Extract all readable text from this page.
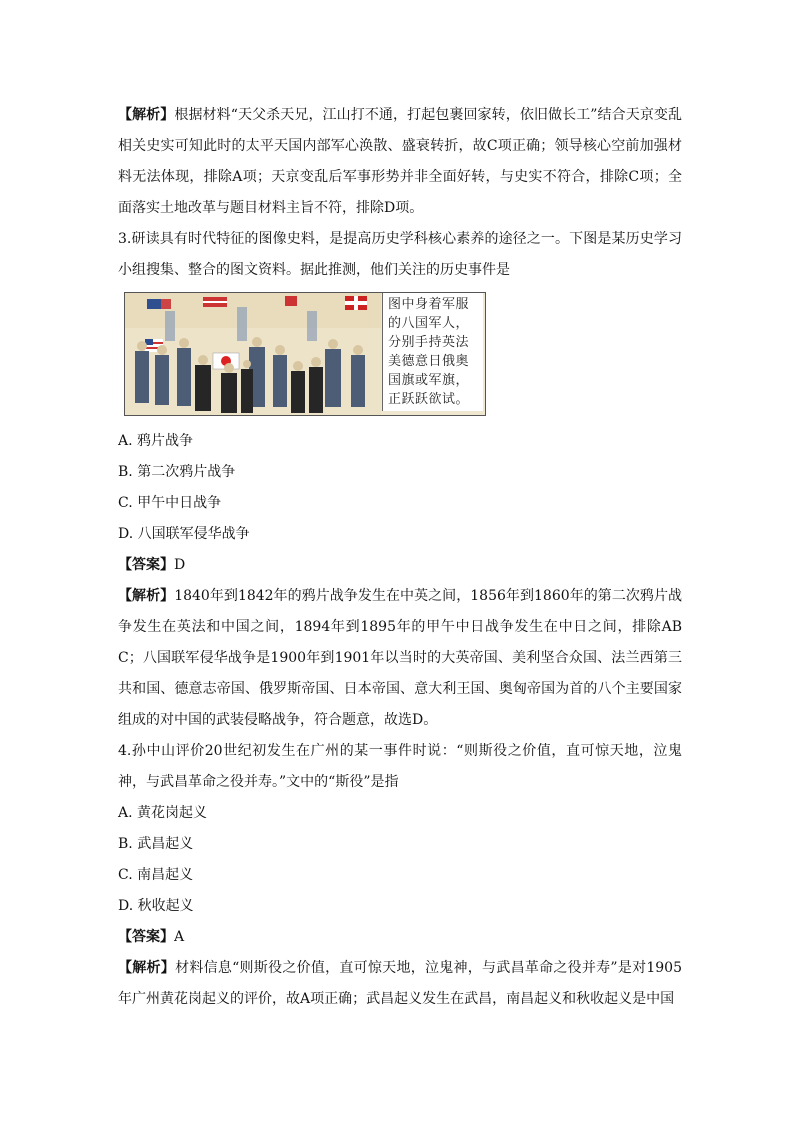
【解析】根据材料“天父杀天兄，江山打不通，打起包裹回家转，依旧做长工”结合天京变乱相关史实可知此时的太平天国内部军心涣散、盛衰转折，故C项正确；领导核心空前加强材料无法体现，排除A项；天京变乱后军事形势并非全面好转，与史实不符合，排除C项；全面落实土地改革与题目材料主旨不符，排除D项。

3.研读具有时代特征的图像史料，是提高历史学科核心素养的途径之一。下图是某历史学习小组搜集、整合的图文资料。据此推测，他们关注的历史事件是

图中身着军服的八国军人，分别手持英法美德意日俄奥国旗或军旗，正跃跃欲试。

A. 鸦片战争

B. 第二次鸦片战争

C. 甲午中日战争

D. 八国联军侵华战争

【答案】D

【解析】1840年到1842年的鸦片战争发生在中英之间，1856年到1860年的第二次鸦片战争发生在英法和中国之间，1894年到1895年的甲午中日战争发生在中日之间，排除ABC；八国联军侵华战争是1900年到1901年以当时的大英帝国、美利坚合众国、法兰西第三共和国、德意志帝国、俄罗斯帝国、日本帝国、意大利王国、奥匈帝国为首的八个主要国家组成的对中国的武装侵略战争，符合题意，故选D。

4.孙中山评价20世纪初发生在广州的某一事件时说：“则斯役之价值，直可惊天地，泣鬼神，与武昌革命之役并寿。”文中的“斯役”是指

A. 黄花岗起义

B. 武昌起义

C. 南昌起义

D. 秋收起义

【答案】A

【解析】材料信息“则斯役之价值，直可惊天地，泣鬼神，与武昌革命之役并寿”是对1905年广州黄花岗起义的评价，故A项正确；武昌起义发生在武昌，南昌起义和秋收起义是中国
